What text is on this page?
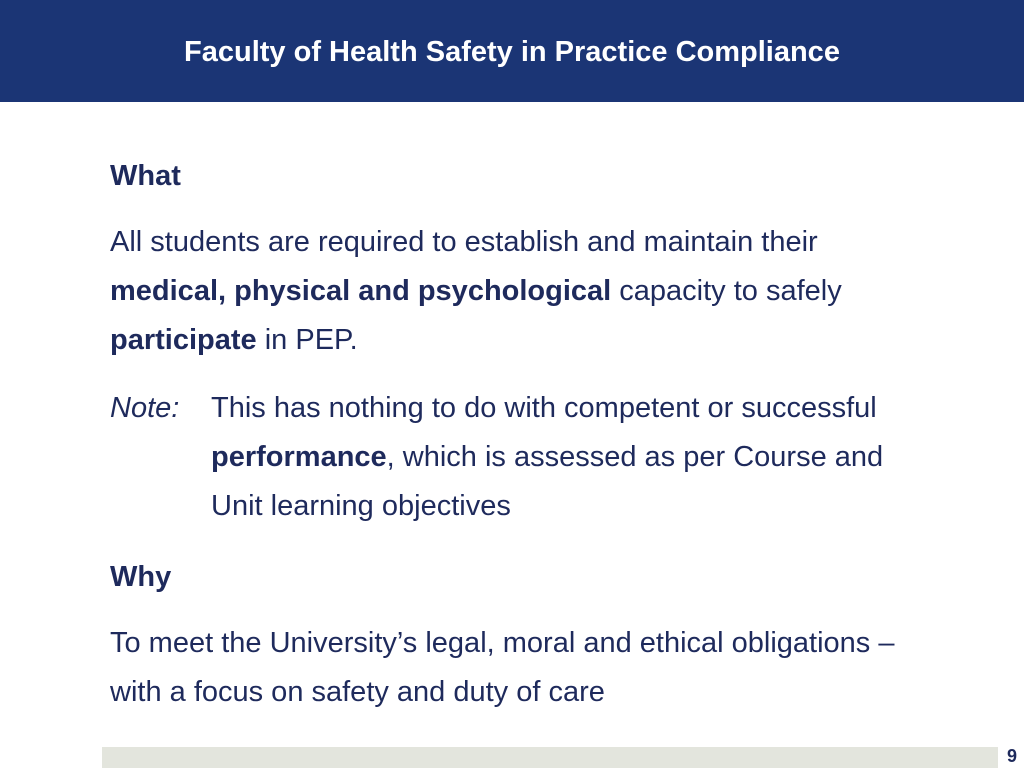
Faculty of Health Safety in Practice Compliance
What

All students are required to establish and maintain their medical, physical and psychological capacity to safely participate in PEP.

Note: This has nothing to do with competent or successful performance, which is assessed as per Course and Unit learning objectives

Why

To meet the University’s legal, moral and ethical obligations – with a focus on safety and duty of care

9
